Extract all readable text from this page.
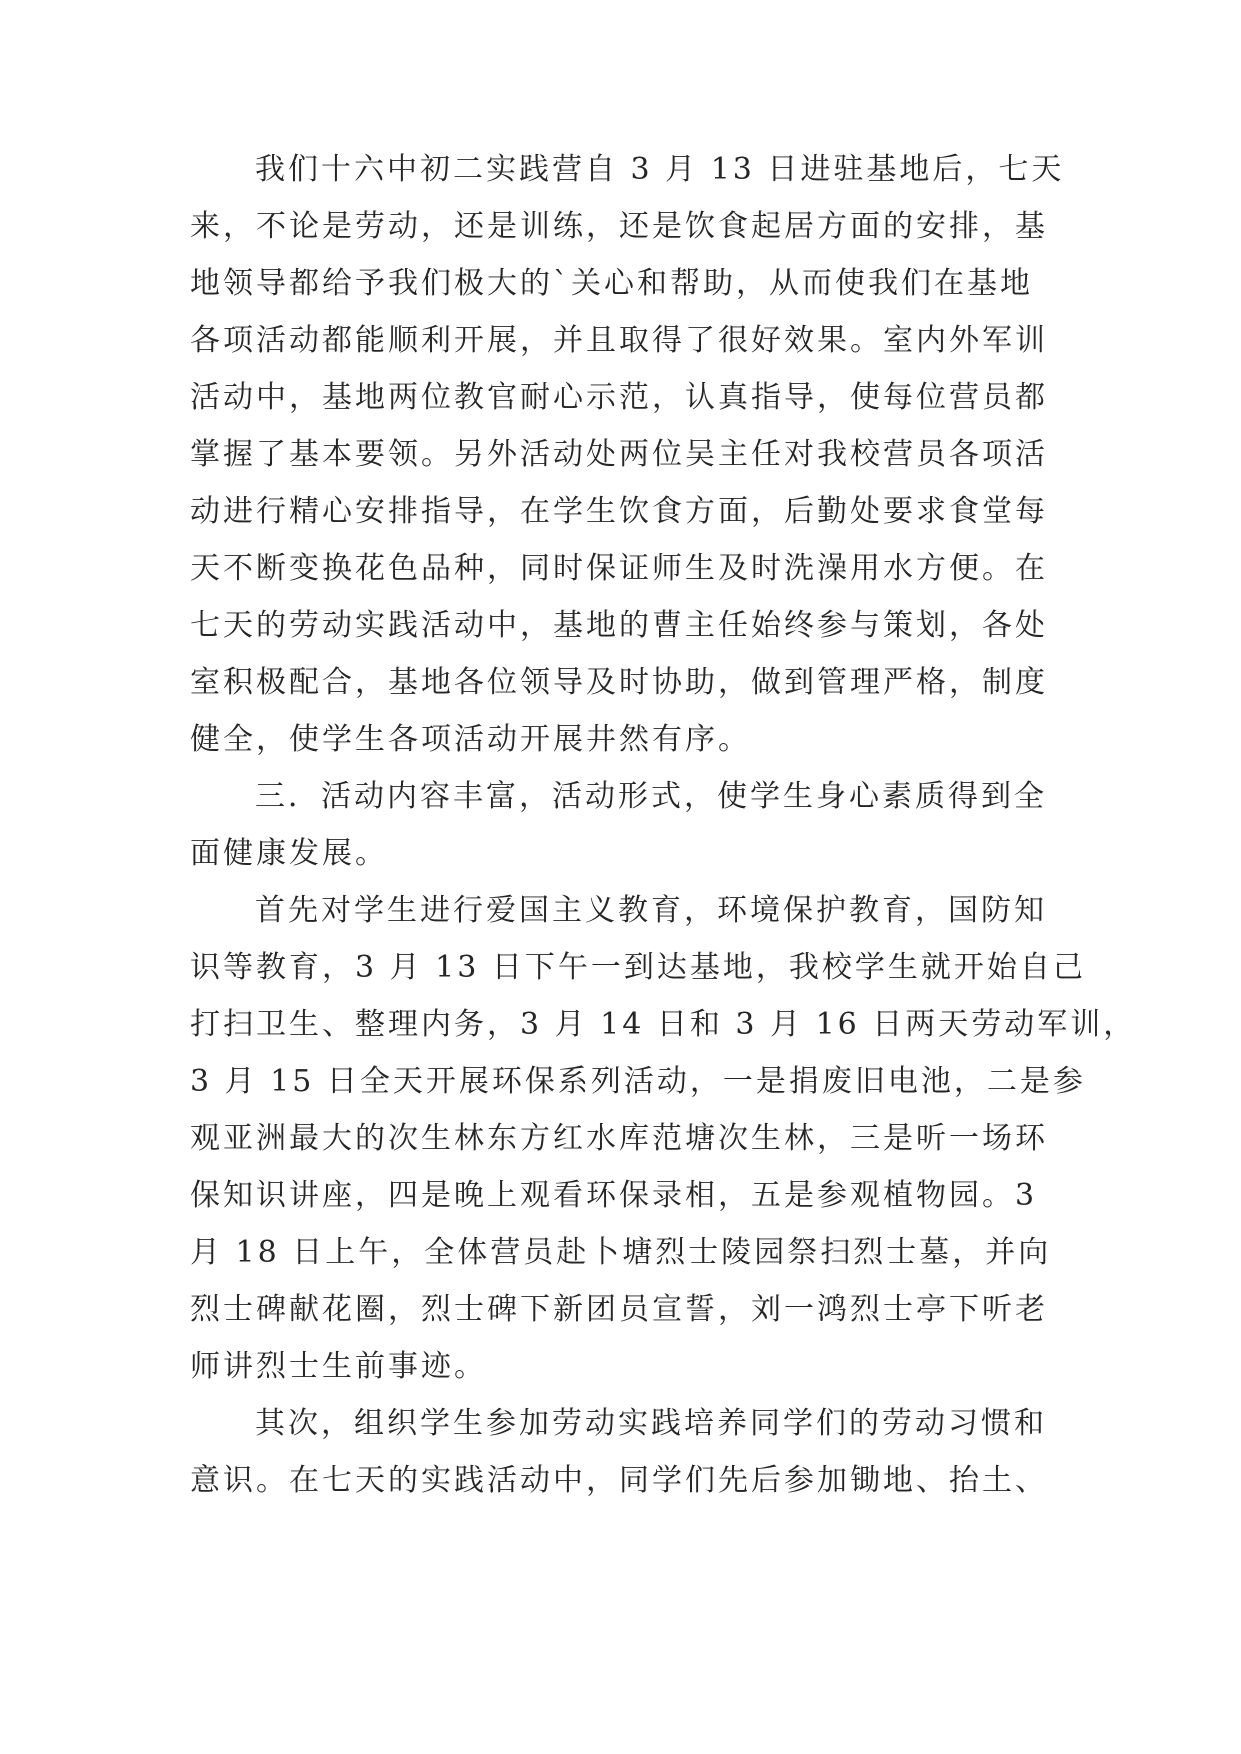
我们十六中初二实践营自 3 月 13 日进驻基地后，七天
来，不论是劳动，还是训练，还是饮食起居方面的安排，基
地领导都给予我们极大的`关心和帮助，从而使我们在基地
各项活动都能顺利开展，并且取得了很好效果。室内外军训
活动中，基地两位教官耐心示范，认真指导，使每位营员都
掌握了基本要领。另外活动处两位吴主任对我校营员各项活
动进行精心安排指导，在学生饮食方面，后勤处要求食堂每
天不断变换花色品种，同时保证师生及时洗澡用水方便。在
七天的劳动实践活动中，基地的曹主任始终参与策划，各处
室积极配合，基地各位领导及时协助，做到管理严格，制度
健全，使学生各项活动开展井然有序。
三．活动内容丰富，活动形式，使学生身心素质得到全
面健康发展。
首先对学生进行爱国主义教育，环境保护教育，国防知
识等教育，3 月 13 日下午一到达基地，我校学生就开始自己
打扫卫生、整理内务，3 月 14 日和 3 月 16 日两天劳动军训，
3 月 15 日全天开展环保系列活动，一是捐废旧电池，二是参
观亚洲最大的次生林东方红水库范塘次生林，三是听一场环
保知识讲座，四是晚上观看环保录相，五是参观植物园。3
月 18 日上午，全体营员赴卜塘烈士陵园祭扫烈士墓，并向
烈士碑献花圈，烈士碑下新团员宣誓，刘一鸿烈士亭下听老
师讲烈士生前事迹。
其次，组织学生参加劳动实践培养同学们的劳动习惯和
意识。在七天的实践活动中，同学们先后参加锄地、抬土、
